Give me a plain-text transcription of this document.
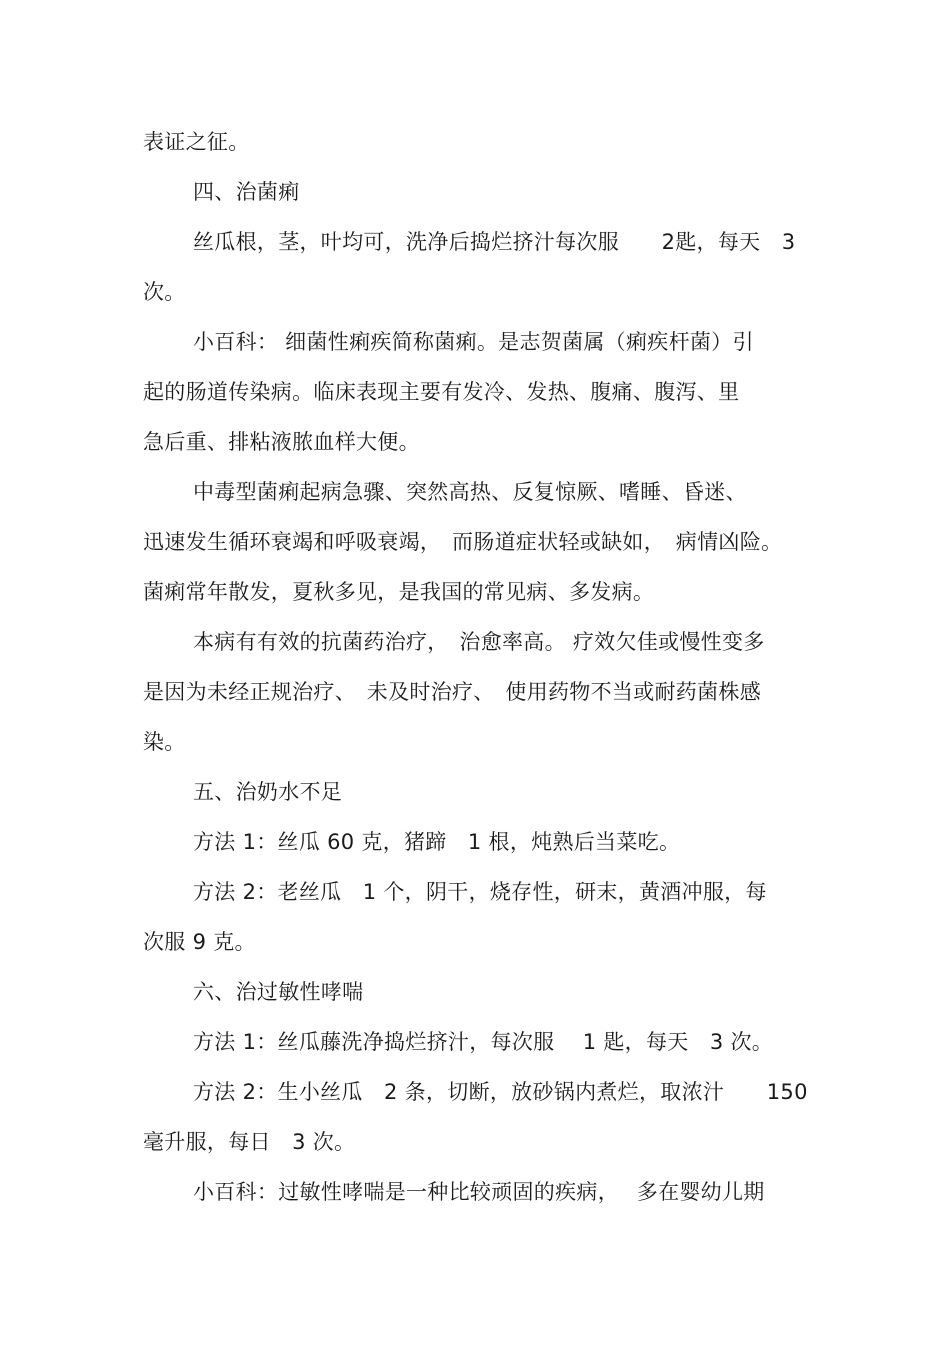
表证之征。
四、治菌痢
丝瓜根，茎，叶均可，洗净后捣烂挤汁每次服　　2匙，每天　3
次。
小百科： 细菌性痢疾简称菌痢。是志贺菌属（痢疾杆菌）引
起的肠道传染病。临床表现主要有发冷、发热、腹痛、腹泻、里
急后重、排粘液脓血样大便。
中毒型菌痢起病急骤、突然高热、反复惊厥、嗜睡、昏迷、
迅速发生循环衰竭和呼吸衰竭，　而肠道症状轻或缺如，　病情凶险。
菌痢常年散发，夏秋多见，是我国的常见病、多发病。
本病有有效的抗菌药治疗，　治愈率高。 疗效欠佳或慢性变多
是因为未经正规治疗、　未及时治疗、　使用药物不当或耐药菌株感
染。
五、治奶水不足
方法 1：丝瓜 60 克，猪蹄　1 根，炖熟后当菜吃。
方法 2：老丝瓜　1 个，阴干，烧存性，研末，黄酒冲服，每
次服 9 克。
六、治过敏性哮喘
方法 1：丝瓜藤洗净捣烂挤汁，每次服　 1 匙，每天　3 次。
方法 2：生小丝瓜　2 条，切断，放砂锅内煮烂，取浓汁　　150
毫升服，每日　3 次。
小百科：过敏性哮喘是一种比较顽固的疾病，　 多在婴幼儿期
